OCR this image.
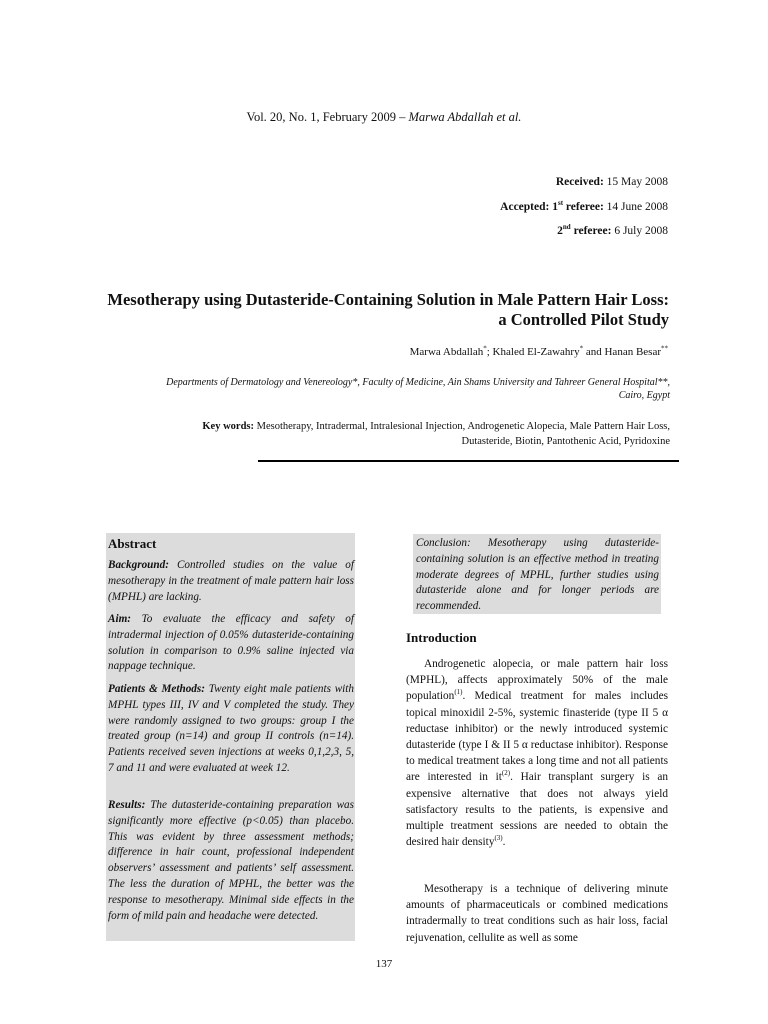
Vol. 20, No. 1, February 2009 – Marwa Abdallah et al.
Received: 15 May 2008
Accepted: 1st referee: 14 June 2008
2nd referee: 6 July 2008
Mesotherapy using Dutasteride-Containing Solution in Male Pattern Hair Loss: a Controlled Pilot Study
Marwa Abdallah*; Khaled El-Zawahry* and Hanan Besar**
Departments of Dermatology and Venereology*, Faculty of Medicine, Ain Shams University and Tahreer General Hospital**, Cairo, Egypt
Key words: Mesotherapy, Intradermal, Intralesional Injection, Androgenetic Alopecia, Male Pattern Hair Loss, Dutasteride, Biotin, Pantothenic Acid, Pyridoxine
Abstract
Background: Controlled studies on the value of mesotherapy in the treatment of male pattern hair loss (MPHL) are lacking.
Aim: To evaluate the efficacy and safety of intradermal injection of 0.05% dutasteride-containing solution in comparison to 0.9% saline injected via nappage technique.
Patients & Methods: Twenty eight male patients with MPHL types III, IV and V completed the study. They were randomly assigned to two groups: group I the treated group (n=14) and group II controls (n=14). Patients received seven injections at weeks 0,1,2,3, 5, 7 and 11 and were evaluated at week 12.
Results: The dutasteride-containing preparation was significantly more effective (p<0.05) than placebo. This was evident by three assessment methods; difference in hair count, professional independent observers’ assessment and patients’ self assessment. The less the duration of MPHL, the better was the response to mesotherapy. Minimal side effects in the form of mild pain and headache were detected.
Conclusion: Mesotherapy using dutasteride-containing solution is an effective method in treating moderate degrees of MPHL, further studies using dutasteride alone and for longer periods are recommended.
Introduction
Androgenetic alopecia, or male pattern hair loss (MPHL), affects approximately 50% of the male population$^{(1)}$. Medical treatment for males includes topical minoxidil 2-5%, systemic finasteride (type II 5 α reductase inhibitor) or the newly introduced systemic dutasteride (type I & II 5 α reductase inhibitor). Response to medical treatment takes a long time and not all patients are interested in $it^{(2)}$. Hair transplant surgery is an expensive alternative that does not always yield satisfactory results to the patients, is expensive and multiple treatment sessions are needed to obtain the desired hair density$^{(3)}$.
Mesotherapy is a technique of delivering minute amounts of pharmaceuticals or combined medications intradermally to treat conditions such as hair loss, facial rejuvenation, cellulite as well as some
137
